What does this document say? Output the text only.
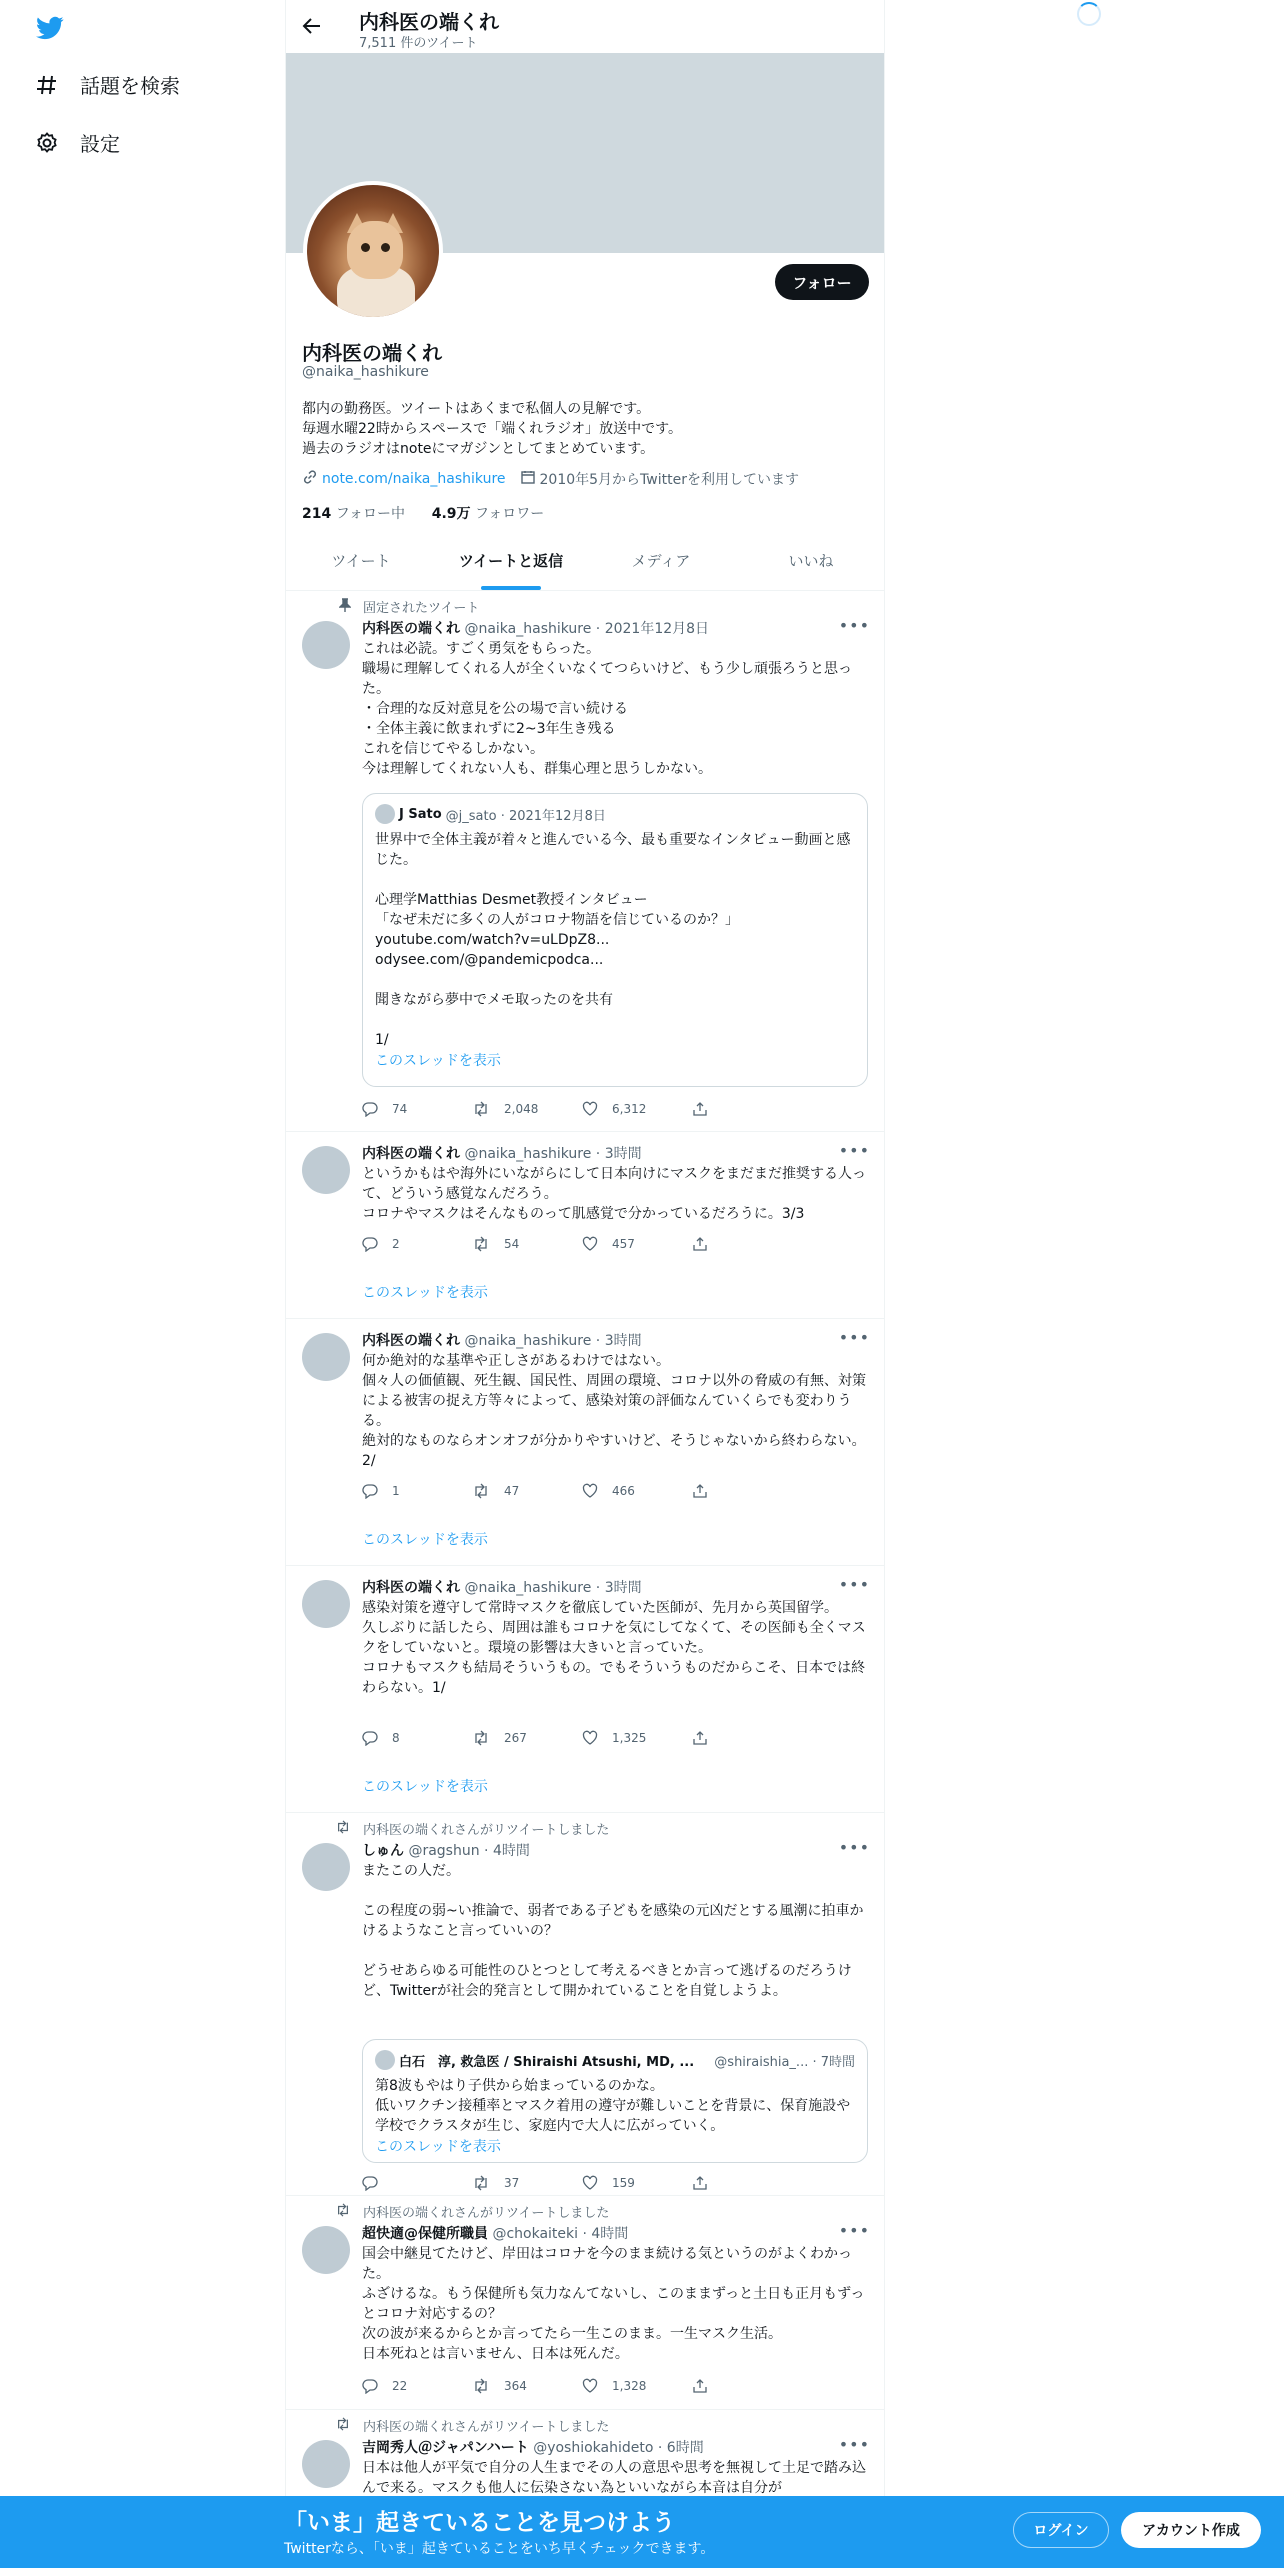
話題を検索
設定
内科医の端くれ
7,511 件のツイート
フォロー
内科医の端くれ
@naika_hashikure
都内の勤務医。ツイートはあくまで私個人の見解です。
毎週水曜22時からスペースで「端くれラジオ」放送中です。
過去のラジオはnoteにマガジンとしてまとめています。
note.com/naika_hashikure 2010年5月からTwitterを利用しています
214 フォロー中 4.9万 フォロワー
ツイート	ツイートと返信	メディア	いいね
固定されたツイート
内科医の端くれ @naika_hashikure · 2021年12月8日	•••
これは必読。すごく勇気をもらった。
職場に理解してくれる人が全くいなくてつらいけど、もう少し頑張ろうと思った。
・合理的な反対意見を公の場で言い続ける
・全体主義に飲まれずに2~3年生き残る
これを信じてやるしかない。
今は理解してくれない人も、群集心理と思うしかない。
J Sato @j_sato · 2021年12月8日
世界中で全体主義が着々と進んでいる今、最も重要なインタビュー動画と感じた。

心理学Matthias Desmet教授インタビュー
「なぜ未だに多くの人がコロナ物語を信じているのか？」
youtube.com/watch?v=uLDpZ8...
odysee.com/@pandemicpodca...

聞きながら夢中でメモ取ったのを共有

1/
このスレッドを表示
74	2,048	6,312
内科医の端くれ @naika_hashikure · 3時間	•••
というかもはや海外にいながらにして日本向けにマスクをまだまだ推奨する人って、どういう感覚なんだろう。
コロナやマスクはそんなものって肌感覚で分かっているだろうに。3/3
2	54	457
このスレッドを表示
内科医の端くれ @naika_hashikure · 3時間	•••
何か絶対的な基準や正しさがあるわけではない。
個々人の価値観、死生観、国民性、周囲の環境、コロナ以外の脅威の有無、対策による被害の捉え方等々によって、感染対策の評価なんていくらでも変わりうる。
絶対的なものならオンオフが分かりやすいけど、そうじゃないから終わらない。2/
1	47	466
このスレッドを表示
内科医の端くれ @naika_hashikure · 3時間	•••
感染対策を遵守して常時マスクを徹底していた医師が、先月から英国留学。
久しぶりに話したら、周囲は誰もコロナを気にしてなくて、その医師も全くマスクをしていないと。環境の影響は大きいと言っていた。
コロナもマスクも結局そういうもの。でもそういうものだからこそ、日本では終わらない。1/
8	267	1,325
このスレッドを表示
内科医の端くれさんがリツイートしました
しゅん @ragshun · 4時間	•••
またこの人だ。

この程度の弱~い推論で、弱者である子どもを感染の元凶だとする風潮に拍車かけるようなこと言っていいの？

どうせあらゆる可能性のひとつとして考えるべきとか言って逃げるのだろうけど、Twitterが社会的発言として開かれていることを自覚しようよ。
白石　淳, 救急医 / Shiraishi Atsushi, MD, ... @shiraishia_... · 7時間
第8波もやはり子供から始まっているのかな。
低いワクチン接種率とマスク着用の遵守が難しいことを背景に、保育施設や学校でクラスタが生じ、家庭内で大人に広がっていく。
このスレッドを表示
37	159
内科医の端くれさんがリツイートしました
超快適@保健所職員 @chokaiteki · 4時間	•••
国会中継見てたけど、岸田はコロナを今のまま続ける気というのがよくわかった。
ふざけるな。もう保健所も気力なんてないし、このままずっと土日も正月もずっとコロナ対応するの？
次の波が来るからとか言ってたら一生このまま。一生マスク生活。
日本死ねとは言いません、日本は死んだ。
22	364	1,328
内科医の端くれさんがリツイートしました
吉岡秀人＠ジャパンハート @yoshiokahideto · 6時間	•••
日本は他人が平気で自分の人生までその人の意思や思考を無視して土足で踏み込んで来る。マスクも他人に伝染さない為といいながら本音は自分が
「いま」起きていることを見つけよう
Twitterなら、「いま」起きていることをいち早くチェックできます。
ログイン	アカウント作成
